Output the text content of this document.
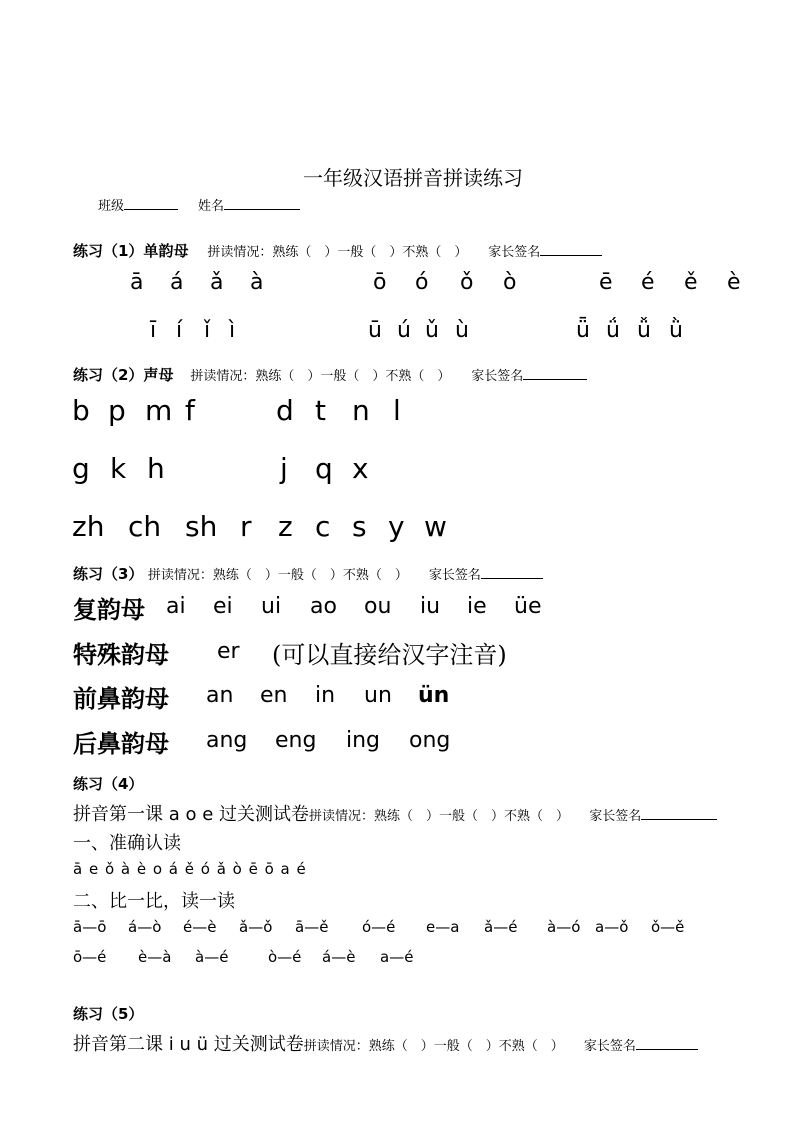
一年级汉语拼音拼读练习
班级	姓名
练习（1）单韵母 拼读情况：熟练（　）一般（　）不熟（　） 家长签名
ā á ǎ à	ō ó ǒ ò	ē é ě è
ī í ǐ ì	ū ú ǔ ù	ǖ ǘ ǚ ǜ
练习（2）声母 拼读情况：熟练（　）一般（　）不熟（　） 家长签名
b p m f	d t n l
g k h	j q x
zh ch sh r z c s y w
练习（3） 拼读情况：熟练（　）一般（　）不熟（　） 家长签名
复韵母 ai ei ui ao ou iu ie üe
特殊韵母 er (可以直接给汉字注音)
前鼻韵母 an en in un ün
后鼻韵母 ang eng ing ong
练习（4）
拼音第一课 a o e 过关测试卷拼读情况：熟练（　）一般（　）不熟（　） 家长签名
一、准确认读
ā e ǒ à è o á ě ó ǎ ò ē ō a é
二、比一比，读一读
ā—ō á—ò é—è ǎ—ǒ ā—ě ó—é e—a ǎ—é à—ó a—ǒ ǒ—ě
ō—é è—à à—é	ò—é á—è a—é
练习（5）
拼音第二课 i u ü 过关测试卷拼读情况：熟练（　）一般（　）不熟（　） 家长签名
